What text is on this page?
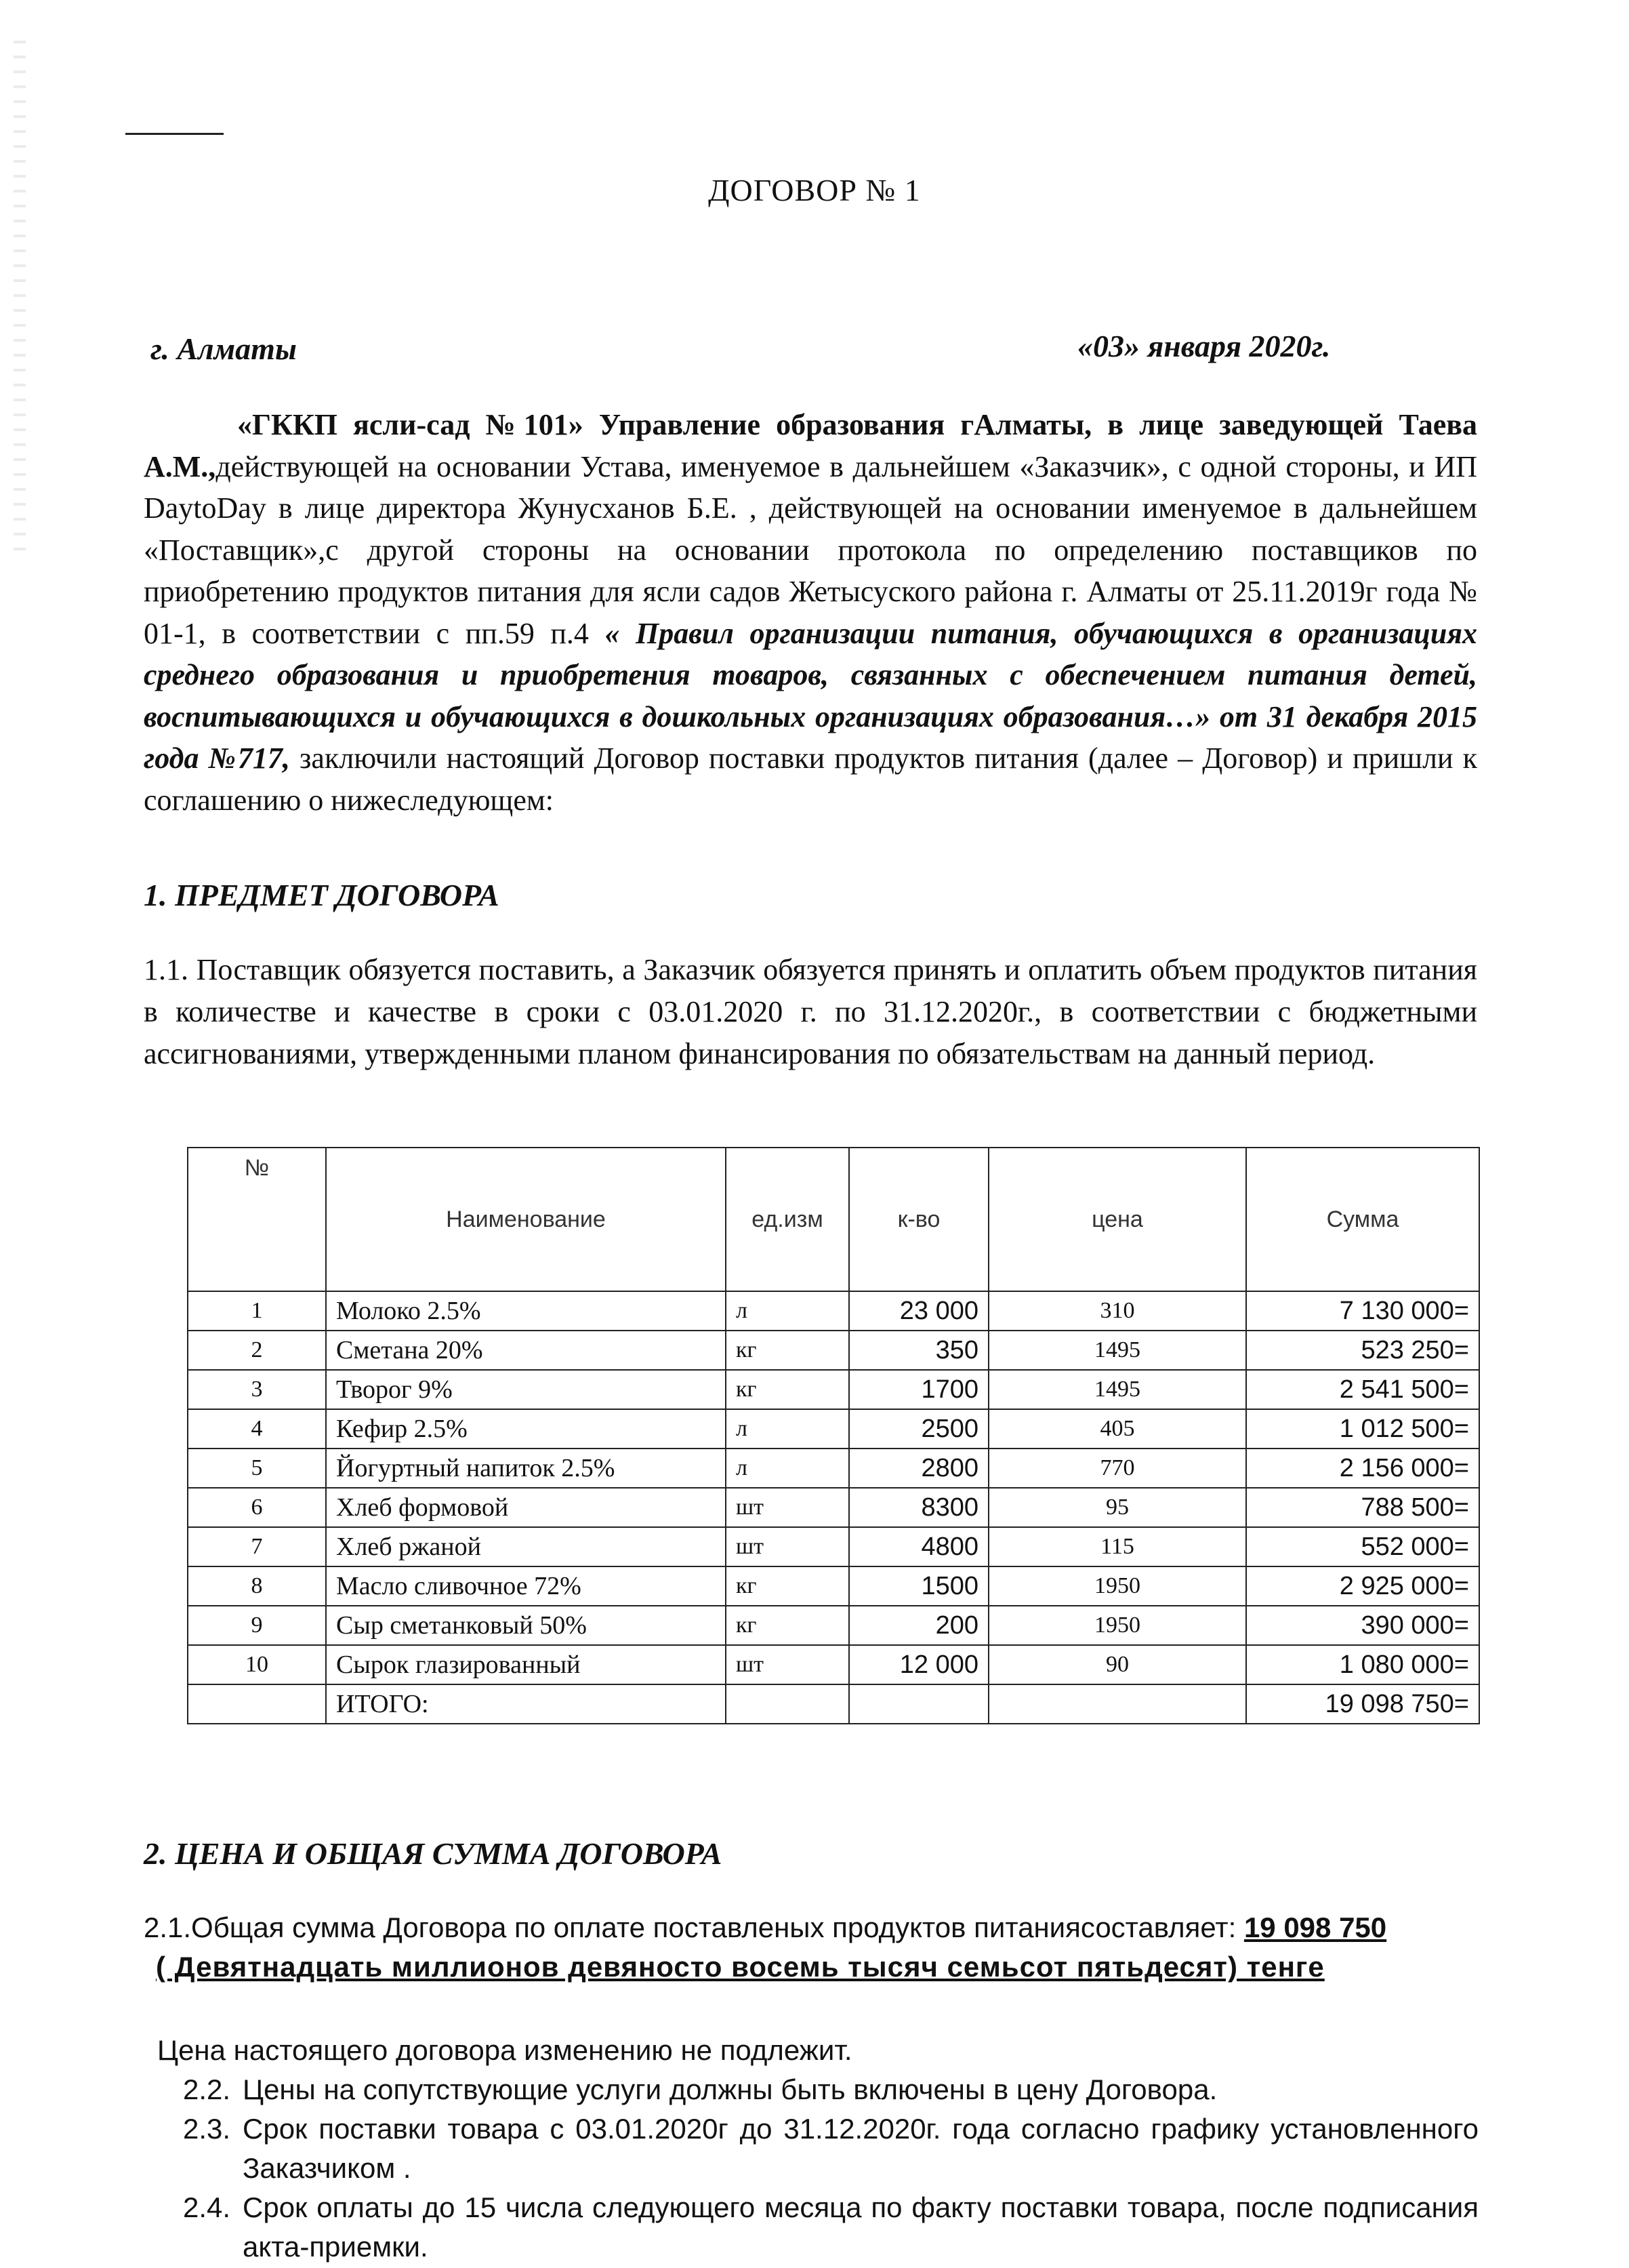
ДОГОВОР № 1
г. Алматы	«03» января 2020г.
«ГККП ясли-сад №101» Управление образования гАлматы, в лице заведующей Таева А.М.,действующей на основании Устава, именуемое в дальнейшем «Заказчик», с одной стороны, и ИП DaytoDay в лице директора Жунусханов Б.Е. , действующей на основании именуемое в дальнейшем «Поставщик»,с другой стороны на основании протокола по определению поставщиков по приобретению продуктов питания для ясли садов Жетысуского района г. Алматы от 25.11.2019г года № 01-1, в соответствии с пп.59 п.4 « Правил организации питания, обучающихся в организациях среднего образования и приобретения товаров, связанных с обеспечением питания детей, воспитывающихся и обучающихся в дошкольных организациях образования…» от 31 декабря 2015 года №717, заключили настоящий Договор поставки продуктов питания (далее – Договор) и пришли к соглашению о нижеследующем:
1. ПРЕДМЕТ ДОГОВОРА
1.1. Поставщик обязуется поставить, а Заказчик обязуется принять и оплатить объем продуктов питания в количестве и качестве в сроки с 03.01.2020 г. по 31.12.2020г., в соответствии с бюджетными ассигнованиями, утвержденными планом финансирования по обязательствам на данный период.
№	Наименование	ед.изм	к-во	цена	Сумма
1	Молоко 2.5%	л	23 000	310	7 130 000=
2	Сметана 20%	кг	350	1495	523 250=
3	Творог 9%	кг	1700	1495	2 541 500=
4	Кефир 2.5%	л	2500	405	1 012 500=
5	Йогуртный напиток 2.5%	л	2800	770	2 156 000=
6	Хлеб формовой	шт	8300	95	788 500=
7	Хлеб ржаной	шт	4800	115	552 000=
8	Масло сливочное 72%	кг	1500	1950	2 925 000=
9	Сыр сметанковый 50%	кг	200	1950	390 000=
10	Сырок глазированный	шт	12 000	90	1 080 000=
	ИТОГО:				19 098 750=
2. ЦЕНА И ОБЩАЯ СУММА ДОГОВОРА
2.1.Общая сумма Договора по оплате поставленых продуктов питаниясоставляет: 19 098 750
( Девятнадцать миллионов девяносто восемь тысяч семьсот пятьдесят) тенге
Цена настоящего договора изменению не подлежит.
2.2. Цены на сопутствующие услуги должны быть включены в цену Договора.
2.3. Срок поставки товара с 03.01.2020г до 31.12.2020г. года согласно графику установленного Заказчиком .
2.4. Срок оплаты до 15 числа следующего месяца по факту поставки товара, после подписания акта-приемки.
